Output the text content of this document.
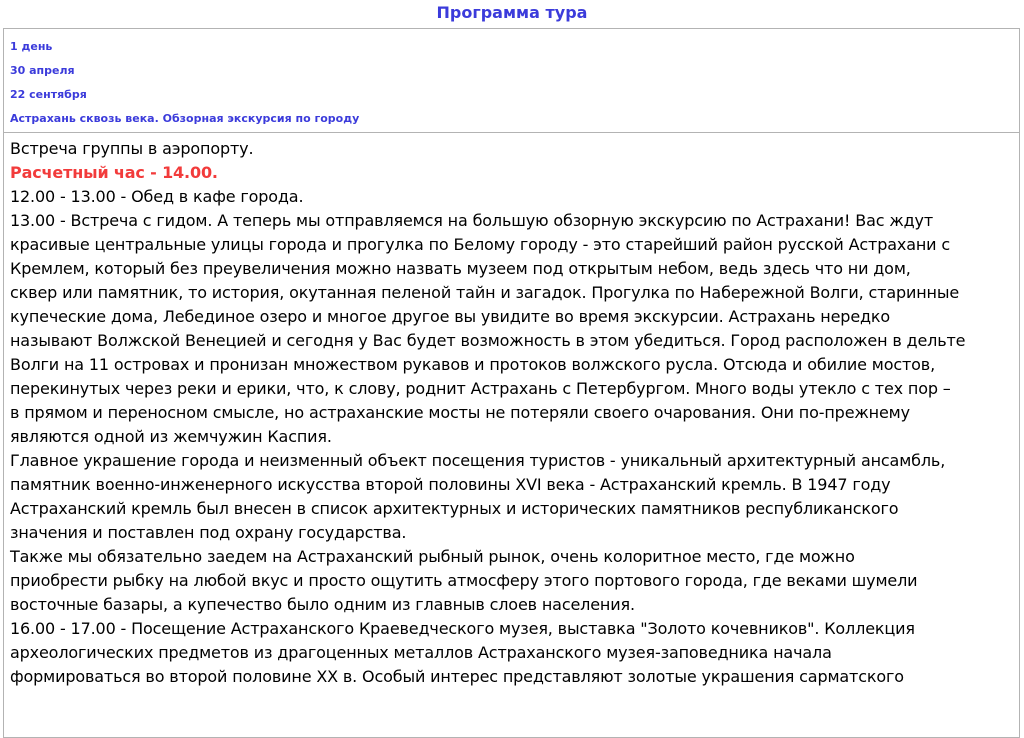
Программа тура
1 день
30 апреля
22 сентября
Астрахань сквозь века. Обзорная экскурсия по городу
Встреча группы в аэропорту.
Расчетный час - 14.00.
12.00 - 13.00 - Обед в кафе города.
13.00 - Встреча с гидом. А теперь мы отправляемся на большую обзорную экскурсию по Астрахани! Вас ждут
красивые центральные улицы города и прогулка по Белому городу - это старейший район русской Астрахани с
Кремлем, который без преувеличения можно назвать музеем под открытым небом, ведь здесь что ни дом,
сквер или памятник, то история, окутанная пеленой тайн и загадок. Прогулка по Набережной Волги, старинные
купеческие дома, Лебединое озеро и многое другое вы увидите во время экскурсии. Астрахань нередко
называют Волжской Венецией и сегодня у Вас будет возможность в этом убедиться. Город расположен в дельте
Волги на 11 островах и пронизан множеством рукавов и протоков волжского русла. Отсюда и обилие мостов,
перекинутых через реки и ерики, что, к слову, роднит Астрахань с Петербургом. Много воды утекло с тех пор –
в прямом и переносном смысле, но астраханские мосты не потеряли своего очарования. Они по-прежнему
являются одной из жемчужин Каспия.
Главное украшение города и неизменный объект посещения туристов - уникальный архитектурный ансамбль,
памятник военно-инженерного искусства второй половины XVI века - Астраханский кремль. В 1947 году
Астраханский кремль был внесен в список архитектурных и исторических памятников республиканского
значения и поставлен под охрану государства.
Также мы обязательно заедем на Астраханский рыбный рынок, очень колоритное место, где можно
приобрести рыбку на любой вкус и просто ощутить атмосферу этого портового города, где веками шумели
восточные базары, а купечество было одним из главныв слоев населения.
16.00 - 17.00 - Посещение Астраханского Краеведческого музея, выставка "Золото кочевников". Коллекция
археологических предметов из драгоценных металлов Астраханского музея-заповедника начала
формироваться во второй половине XX в. Особый интерес представляют золотые украшения сарматского
